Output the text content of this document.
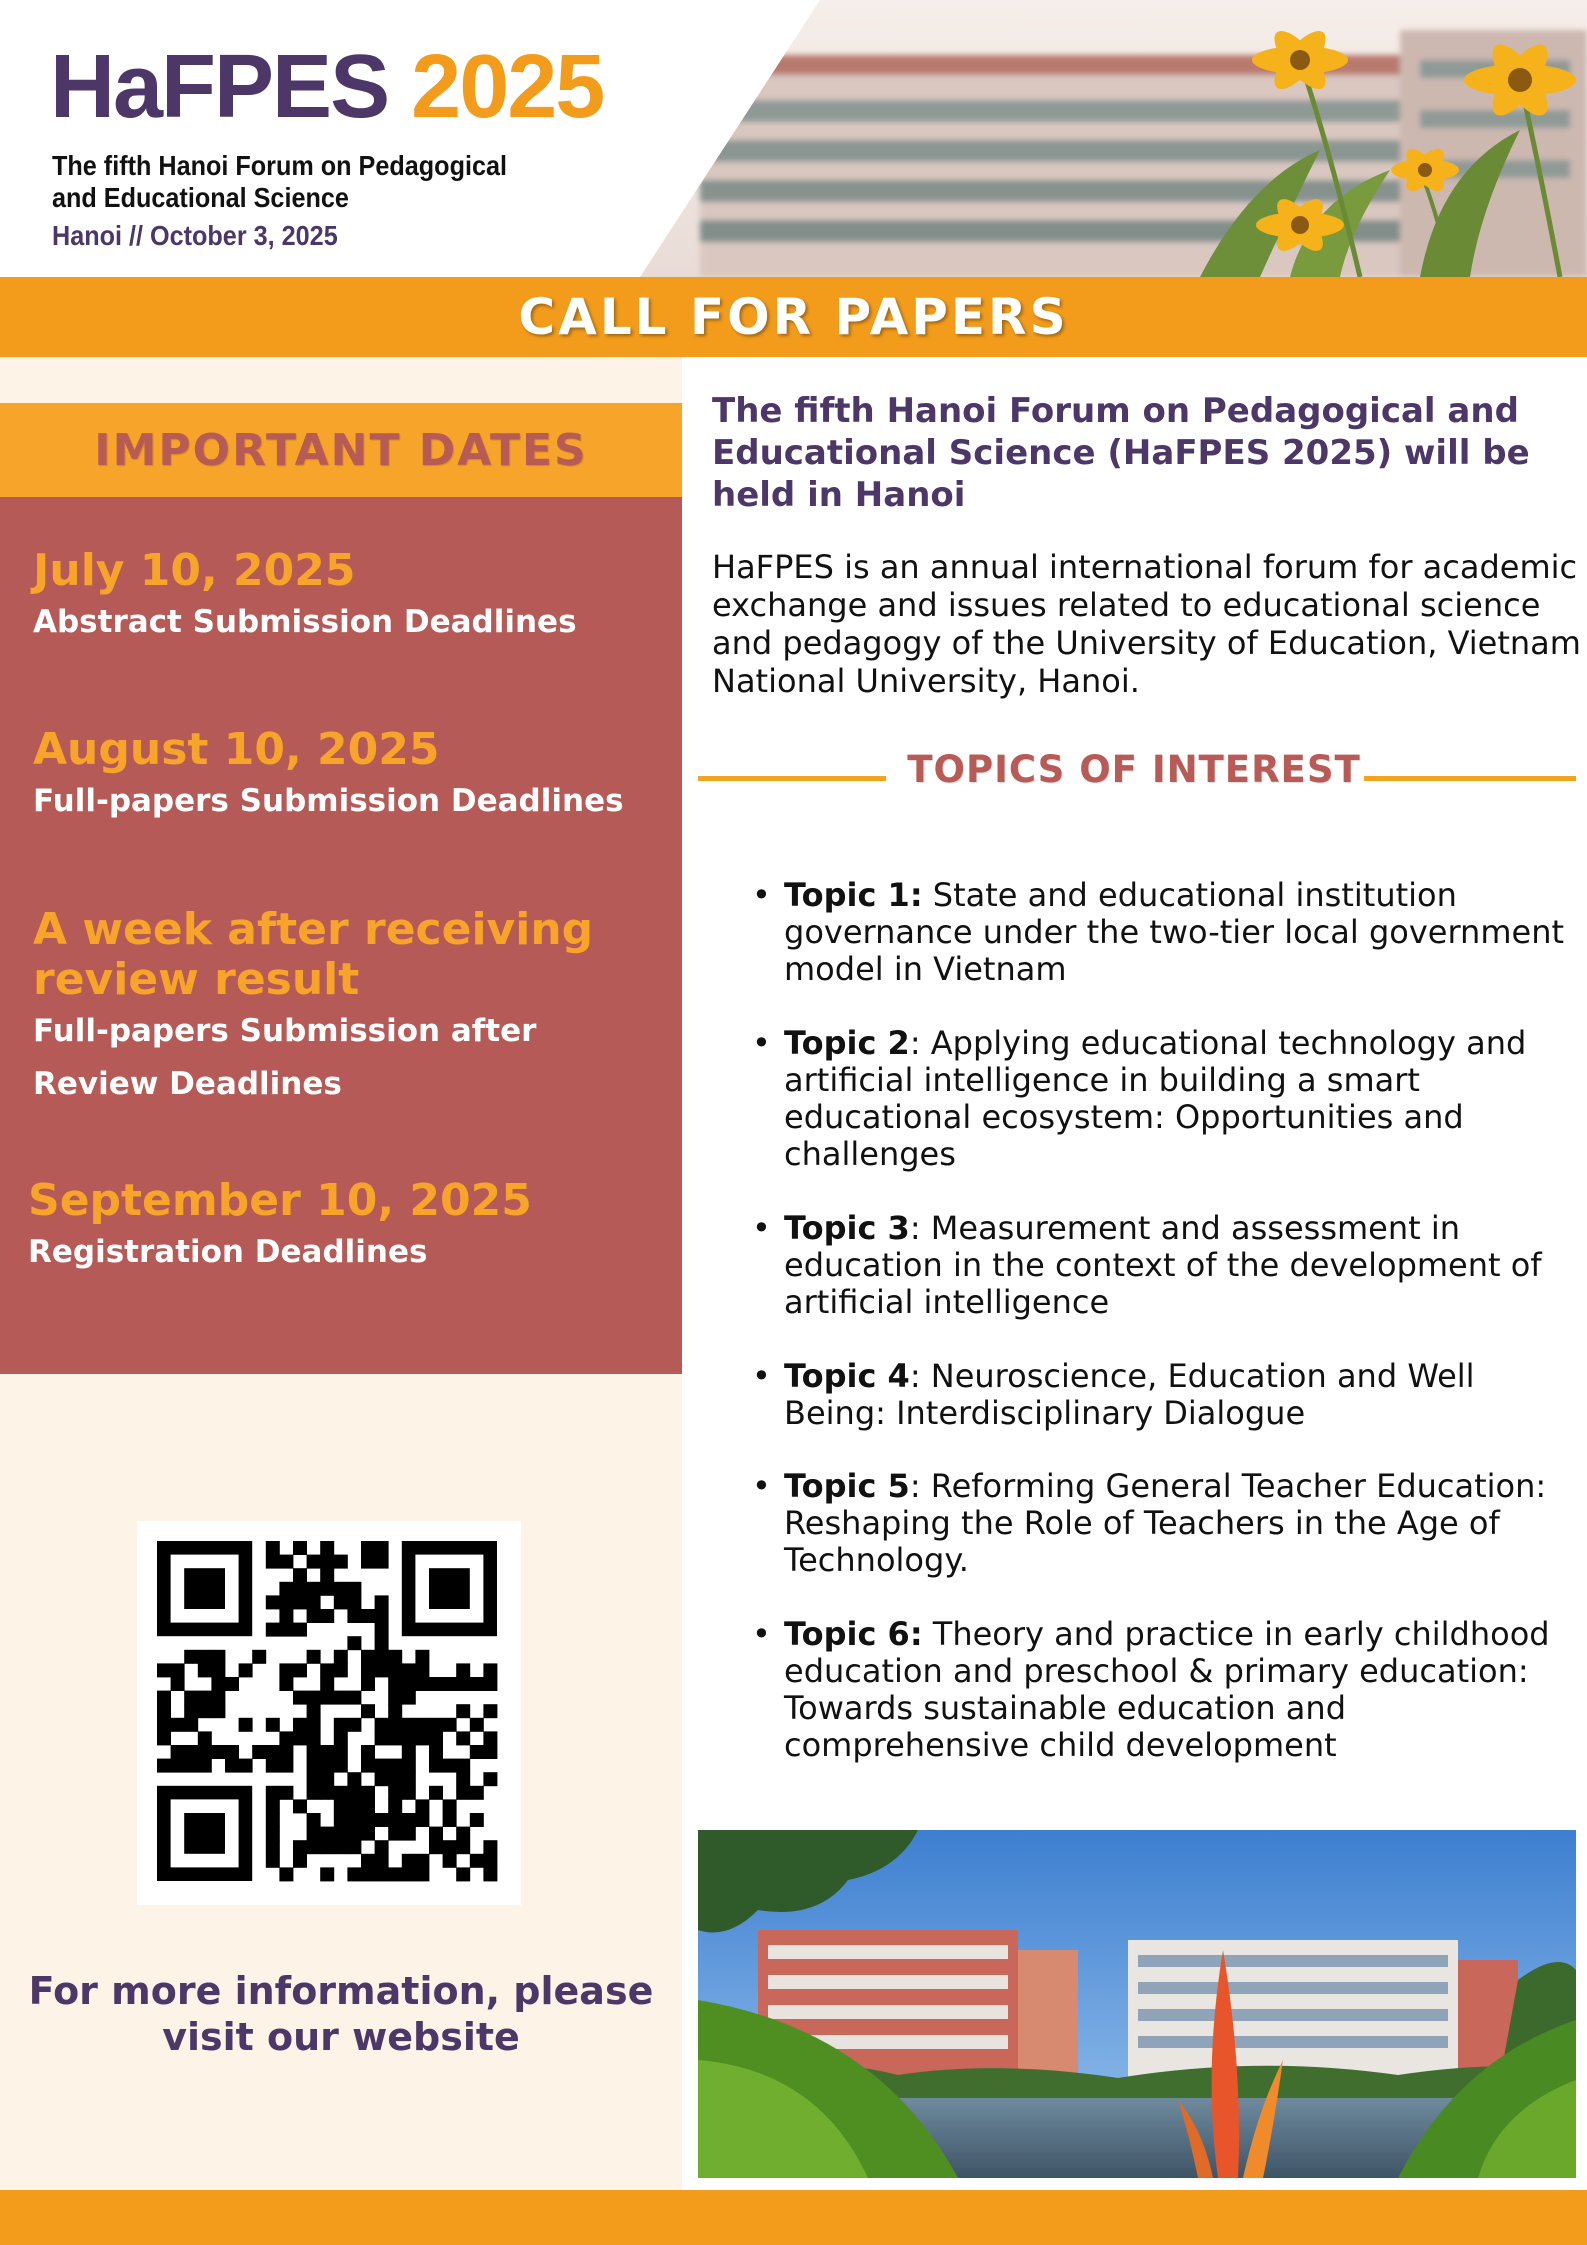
HaFPES 2025
The fifth Hanoi Forum on Pedagogical and Educational Science
Hanoi // October 3, 2025
CALL FOR PAPERS
IMPORTANT DATES
July 10, 2025
Abstract Submission Deadlines
August 10, 2025
Full-papers Submission Deadlines
A week after receiving review result
Full-papers Submission after Review Deadlines
September 10, 2025
Registration Deadlines
For more information, please visit our website
The fifth Hanoi Forum on Pedagogical and Educational Science (HaFPES 2025) will be held in Hanoi
HaFPES is an annual international forum for academic exchange and issues related to educational science and pedagogy of the University of Education, Vietnam National University, Hanoi.
TOPICS OF INTEREST
• Topic 1: State and educational institution governance under the two-tier local government model in Vietnam
• Topic 2: Applying educational technology and artificial intelligence in building a smart educational ecosystem: Opportunities and challenges
• Topic 3: Measurement and assessment in education in the context of the development of artificial intelligence
• Topic 4: Neuroscience, Education and Well Being: Interdisciplinary Dialogue
• Topic 5: Reforming General Teacher Education: Reshaping the Role of Teachers in the Age of Technology.
• Topic 6: Theory and practice in early childhood education and preschool & primary education: Towards sustainable education and comprehensive child development
